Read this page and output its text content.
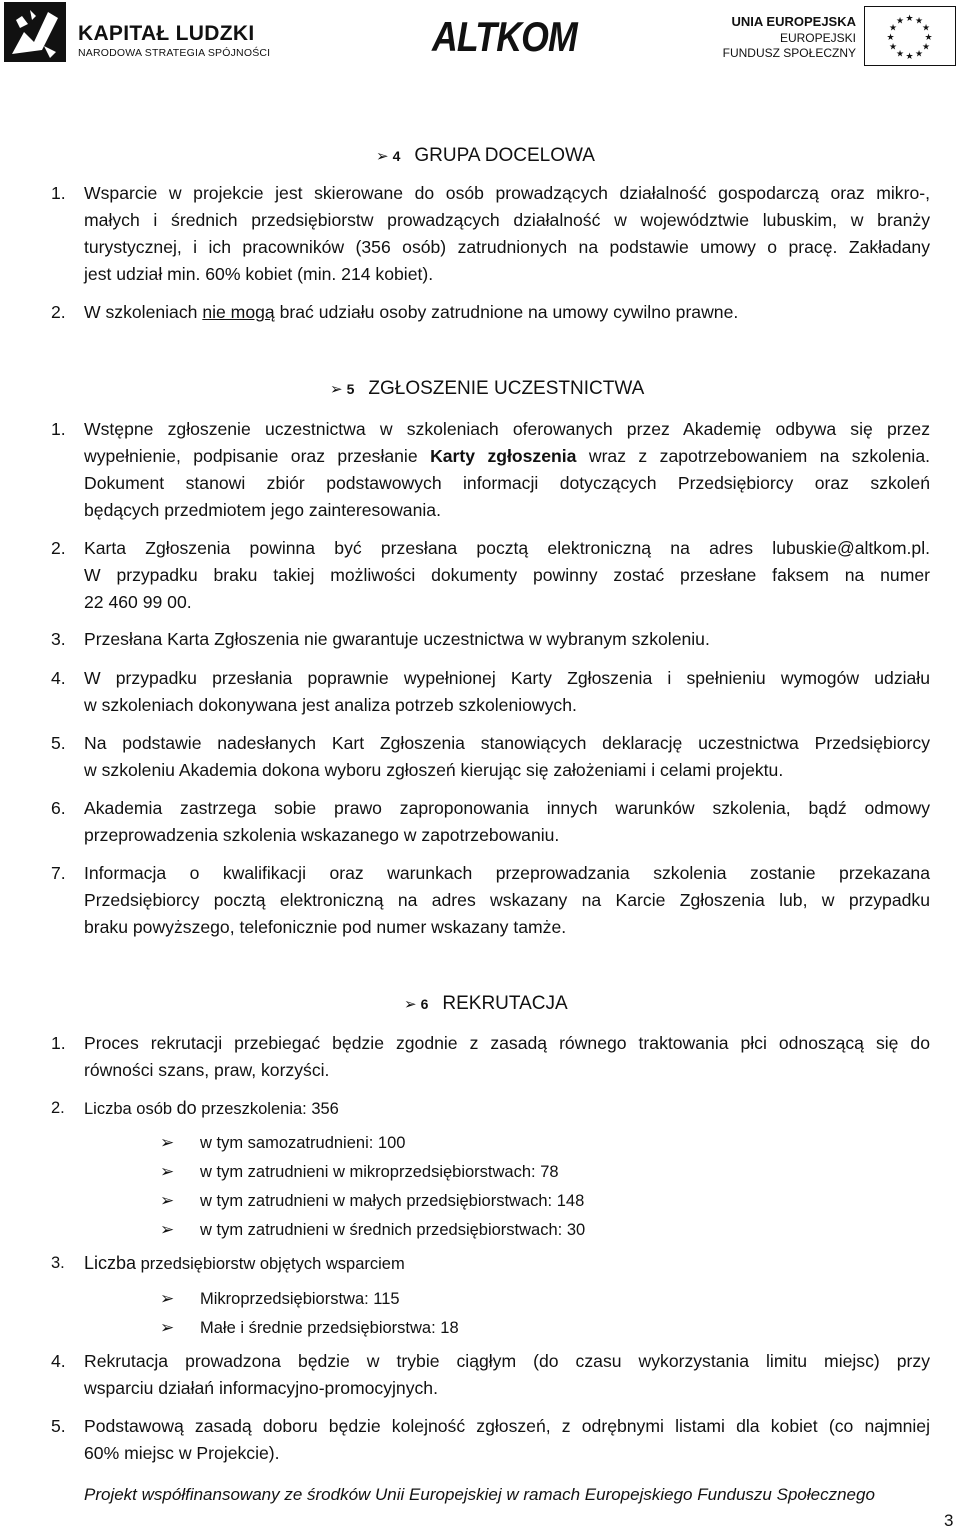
KAPITAŁ LUDZKI
NARODOWA STRATEGIA SPÓJNOŚCI	ALTKOM	UNIA EUROPEJSKA
EUROPEJSKI
FUNDUSZ SPOŁECZNY
★ ★
★
★
★
★
★
★
★
★
★
★
➢ 4 GRUPA DOCELOWA
1. Wsparcie w projekcie jest skierowane do osób prowadzących działalność gospodarczą oraz mikro-,
małych i średnich przedsiębiorstw prowadzących działalność w województwie lubuskim, w branży
turystycznej, i ich pracowników (356 osób) zatrudnionych na podstawie umowy o pracę. Zakładany
jest udział min. 60% kobiet (min. 214 kobiet).
2. W szkoleniach nie mogą brać udziału osoby zatrudnione na umowy cywilno prawne.
➢ 5 ZGŁOSZENIE UCZESTNICTWA
1. Wstępne zgłoszenie uczestnictwa w szkoleniach oferowanych przez Akademię odbywa się przez
wypełnienie, podpisanie oraz przesłanie Karty zgłoszenia wraz z zapotrzebowaniem na szkolenia.
Dokument stanowi zbiór podstawowych informacji dotyczących Przedsiębiorcy oraz szkoleń
będących przedmiotem jego zainteresowania.
2. Karta Zgłoszenia powinna być przesłana pocztą elektroniczną na adres lubuskie@altkom.pl.
W przypadku braku takiej możliwości dokumenty powinny zostać przesłane faksem na numer
22 460 99 00.
3. Przesłana Karta Zgłoszenia nie gwarantuje uczestnictwa w wybranym szkoleniu.
4. W przypadku przesłania poprawnie wypełnionej Karty Zgłoszenia i spełnieniu wymogów udziału
w szkoleniach dokonywana jest analiza potrzeb szkoleniowych.
5. Na podstawie nadesłanych Kart Zgłoszenia stanowiących deklarację uczestnictwa Przedsiębiorcy
w szkoleniu Akademia dokona wyboru zgłoszeń kierując się założeniami i celami projektu.
6. Akademia zastrzega sobie prawo zaproponowania innych warunków szkolenia, bądź odmowy
przeprowadzenia szkolenia wskazanego w zapotrzebowaniu.
7. Informacja o kwalifikacji oraz warunkach przeprowadzania szkolenia zostanie przekazana
Przedsiębiorcy pocztą elektroniczną na adres wskazany na Karcie Zgłoszenia lub, w przypadku
braku powyższego, telefonicznie pod numer wskazany tamże.
➢ 6 REKRUTACJA
1. Proces rekrutacji przebiegać będzie zgodnie z zasadą równego traktowania płci odnoszącą się do
równości szans, praw, korzyści.
2. Liczba osób do przeszkolenia: 356
➢ w tym samozatrudnieni: 100
➢ w tym zatrudnieni w mikroprzedsiębiorstwach: 78
➢ w tym zatrudnieni w małych przedsiębiorstwach: 148
➢ w tym zatrudnieni w średnich przedsiębiorstwach: 30
3. Liczba przedsiębiorstw objętych wsparciem
➢ Mikroprzedsiębiorstwa: 115
➢ Małe i średnie przedsiębiorstwa: 18
4. Rekrutacja prowadzona będzie w trybie ciągłym (do czasu wykorzystania limitu miejsc) przy
wsparciu działań informacyjno-promocyjnych.
5. Podstawową zasadą doboru będzie kolejność zgłoszeń, z odrębnymi listami dla kobiet (co najmniej
60% miejsc w Projekcie).
Projekt współfinansowany ze środków Unii Europejskiej w ramach Europejskiego Funduszu Społecznego
3
